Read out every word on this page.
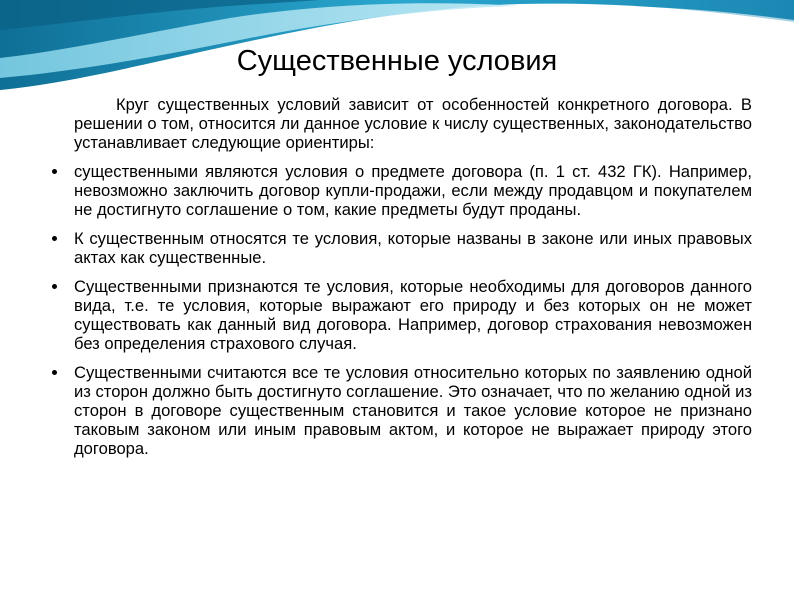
Существенные условия

Круг существенных условий зависит от особенностей конкретного договора. В решении о том, относится ли данное условие к числу существенных, законодательство устанавливает следующие ориентиры:

существенными являются условия о предмете договора (п. 1 ст. 432 ГК). Например, невозможно заключить договор купли-продажи, если между продавцом и покупателем не достигнуто соглашение о том, какие предметы будут проданы.
К существенным относятся те условия, которые названы в законе или иных правовых актах как существенные.
Существенными признаются те условия, которые необходимы для договоров данного вида, т.е. те условия, которые выражают его природу и без которых он не может существовать как данный вид договора. Например, договор страхования невозможен без определения страхового случая.
Существенными считаются все те условия относительно которых по заявлению одной из сторон должно быть достигнуто соглашение. Это означает, что по желанию одной из сторон в договоре существенным становится и такое условие которое не признано таковым законом или иным правовым актом, и которое не выражает природу этого договора.
